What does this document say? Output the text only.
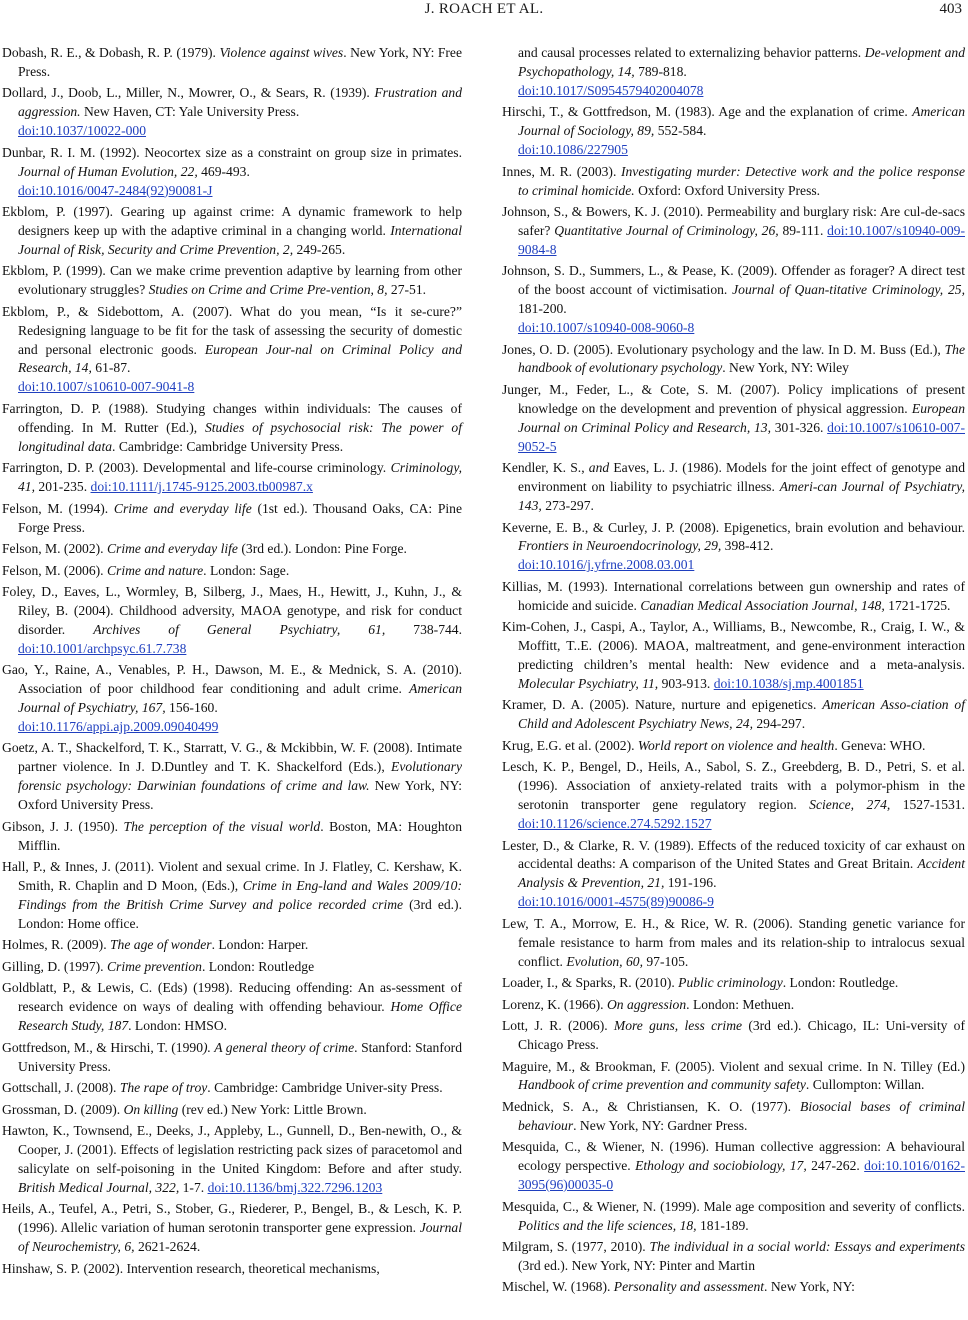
J. ROACH ET AL.	403

Dobash, R. E., & Dobash, R. P. (1979). Violence against wives. New York, NY: Free Press.

Dollard, J., Doob, L., Miller, N., Mowrer, O., & Sears, R. (1939). Frustration and aggression. New Haven, CT: Yale University Press.
doi:10.1037/10022-000

Dunbar, R. I. M. (1992). Neocortex size as a constraint on group size in primates. Journal of Human Evolution, 22, 469-493.
doi:10.1016/0047-2484(92)90081-J

Ekblom, P. (1997). Gearing up against crime: A dynamic framework to help designers keep up with the adaptive criminal in a changing world. International Journal of Risk, Security and Crime Prevention, 2, 249-265.

Ekblom, P. (1999). Can we make crime prevention adaptive by learning from other evolutionary struggles? Studies on Crime and Crime Pre-vention, 8, 27-51.

Ekblom, P., & Sidebottom, A. (2007). What do you mean, “Is it se-cure?” Redesigning language to be fit for the task of assessing the security of domestic and personal electronic goods. European Jour-nal on Criminal Policy and Research, 14, 61-87.
doi:10.1007/s10610-007-9041-8

Farrington, D. P. (1988). Studying changes within individuals: The causes of offending. In M. Rutter (Ed.), Studies of psychosocial risk: The power of longitudinal data. Cambridge: Cambridge University Press.

Farrington, D. P. (2003). Developmental and life-course criminology. Criminology, 41, 201-235. doi:10.1111/j.1745-9125.2003.tb00987.x

Felson, M. (1994). Crime and everyday life (1st ed.). Thousand Oaks, CA: Pine Forge Press.

Felson, M. (2002). Crime and everyday life (3rd ed.). London: Pine Forge.

Felson, M. (2006). Crime and nature. London: Sage.

Foley, D., Eaves, L., Wormley, B, Silberg, J., Maes, H., Hewitt, J., Kuhn, J., & Riley, B. (2004). Childhood adversity, MAOA genotype, and risk for conduct disorder. Archives of General Psychiatry, 61, 738-744. doi:10.1001/archpsyc.61.7.738

Gao, Y., Raine, A., Venables, P. H., Dawson, M. E., & Mednick, S. A. (2010). Association of poor childhood fear conditioning and adult crime. American Journal of Psychiatry, 167, 156-160.
doi:10.1176/appi.ajp.2009.09040499

Goetz, A. T., Shackelford, T. K., Starratt, V. G., & Mckibbin, W. F. (2008). Intimate partner violence. In J. D.Duntley and T. K. Shackelford (Eds.), Evolutionary forensic psychology: Darwinian foundations of crime and law. New York, NY: Oxford University Press.

Gibson, J. J. (1950). The perception of the visual world. Boston, MA: Houghton Mifflin.

Hall, P., & Innes, J. (2011). Violent and sexual crime. In J. Flatley, C. Kershaw, K. Smith, R. Chaplin and D Moon, (Eds.), Crime in Eng-land and Wales 2009/10: Findings from the British Crime Survey and police recorded crime (3rd ed.). London: Home office.

Holmes, R. (2009). The age of wonder. London: Harper.

Gilling, D. (1997). Crime prevention. London: Routledge

Goldblatt, P., & Lewis, C. (Eds) (1998). Reducing offending: An as-sessment of research evidence on ways of dealing with offending behaviour. Home Office Research Study, 187. London: HMSO.

Gottfredson, M., & Hirschi, T. (1990). A general theory of crime. Stanford: Stanford University Press.

Gottschall, J. (2008). The rape of troy. Cambridge: Cambridge Univer-sity Press.

Grossman, D. (2009). On killing (rev ed.) New York: Little Brown.

Hawton, K., Townsend, E., Deeks, J., Appleby, L., Gunnell, D., Ben-newith, O., & Cooper, J. (2001). Effects of legislation restricting pack sizes of paracetomol and salicylate on self-poisoning in the United Kingdom: Before and after study. British Medical Journal, 322, 1-7. doi:10.1136/bmj.322.7296.1203

Heils, A., Teufel, A., Petri, S., Stober, G., Riederer, P., Bengel, B., & Lesch, K. P. (1996). Allelic variation of human serotonin transporter gene expression. Journal of Neurochemistry, 6, 2621-2624.

Hinshaw, S. P. (2002). Intervention research, theoretical mechanisms,

and causal processes related to externalizing behavior patterns. De-velopment and Psychopathology, 14, 789-818.
doi:10.1017/S0954579402004078

Hirschi, T., & Gottfredson, M. (1983). Age and the explanation of crime. American Journal of Sociology, 89, 552-584.
doi:10.1086/227905

Innes, M. R. (2003). Investigating murder: Detective work and the police response to criminal homicide. Oxford: Oxford University Press.

Johnson, S., & Bowers, K. J. (2010). Permeability and burglary risk: Are cul-de-sacs safer? Quantitative Journal of Criminology, 26, 89-111. doi:10.1007/s10940-009-9084-8

Johnson, S. D., Summers, L., & Pease, K. (2009). Offender as forager? A direct test of the boost account of victimisation. Journal of Quan-titative Criminology, 25, 181-200.
doi:10.1007/s10940-008-9060-8

Jones, O. D. (2005). Evolutionary psychology and the law. In D. M. Buss (Ed.), The handbook of evolutionary psychology. New York, NY: Wiley

Junger, M., Feder, L., & Cote, S. M. (2007). Policy implications of present knowledge on the development and prevention of physical aggression. European Journal on Criminal Policy and Research, 13, 301-326. doi:10.1007/s10610-007-9052-5

Kendler, K. S., and Eaves, L. J. (1986). Models for the joint effect of genotype and environment on liability to psychiatric illness. Ameri-can Journal of Psychiatry, 143, 273-297.

Keverne, E. B., & Curley, J. P. (2008). Epigenetics, brain evolution and behaviour. Frontiers in Neuroendocrinology, 29, 398-412.
doi:10.1016/j.yfrne.2008.03.001

Killias, M. (1993). International correlations between gun ownership and rates of homicide and suicide. Canadian Medical Association Journal, 148, 1721-1725.

Kim-Cohen, J., Caspi, A., Taylor, A., Williams, B., Newcombe, R., Craig, I. W., & Moffitt, T..E. (2006). MAOA, maltreatment, and gene-environment interaction predicting children’s mental health: New evidence and a meta-analysis. Molecular Psychiatry, 11, 903-913. doi:10.1038/sj.mp.4001851

Kramer, D. A. (2005). Nature, nurture and epigenetics. American Asso-ciation of Child and Adolescent Psychiatry News, 24, 294-297.

Krug, E.G. et al. (2002). World report on violence and health. Geneva: WHO.

Lesch, K. P., Bengel, D., Heils, A., Sabol, S. Z., Greebderg, B. D., Petri, S. et al. (1996). Association of anxiety-related traits with a polymor-phism in the serotonin transporter gene regulatory region. Science, 274, 1527-1531. doi:10.1126/science.274.5292.1527

Lester, D., & Clarke, R. V. (1989). Effects of the reduced toxicity of car exhaust on accidental deaths: A comparison of the United States and Great Britain. Accident Analysis & Prevention, 21, 191-196.
doi:10.1016/0001-4575(89)90086-9

Lew, T. A., Morrow, E. H., & Rice, W. R. (2006). Standing genetic variance for female resistance to harm from males and its relation-ship to intralocus sexual conflict. Evolution, 60, 97-105.

Loader, I., & Sparks, R. (2010). Public criminology. London: Routledge.

Lorenz, K. (1966). On aggression. London: Methuen.

Lott, J. R. (2006). More guns, less crime (3rd ed.). Chicago, IL: Uni-versity of Chicago Press.

Maguire, M., & Brookman, F. (2005). Violent and sexual crime. In N. Tilley (Ed.) Handbook of crime prevention and community safety. Cullompton: Willan.

Mednick, S. A., & Christiansen, K. O. (1977). Biosocial bases of criminal behaviour. New York, NY: Gardner Press.

Mesquida, C., & Wiener, N. (1996). Human collective aggression: A behavioural ecology perspective. Ethology and sociobiology, 17, 247-262. doi:10.1016/0162-3095(96)00035-0

Mesquida, C., & Wiener, N. (1999). Male age composition and severity of conflicts. Politics and the life sciences, 18, 181-189.

Milgram, S. (1977, 2010). The individual in a social world: Essays and experiments (3rd ed.). New York, NY: Pinter and Martin

Mischel, W. (1968). Personality and assessment. New York, NY:
